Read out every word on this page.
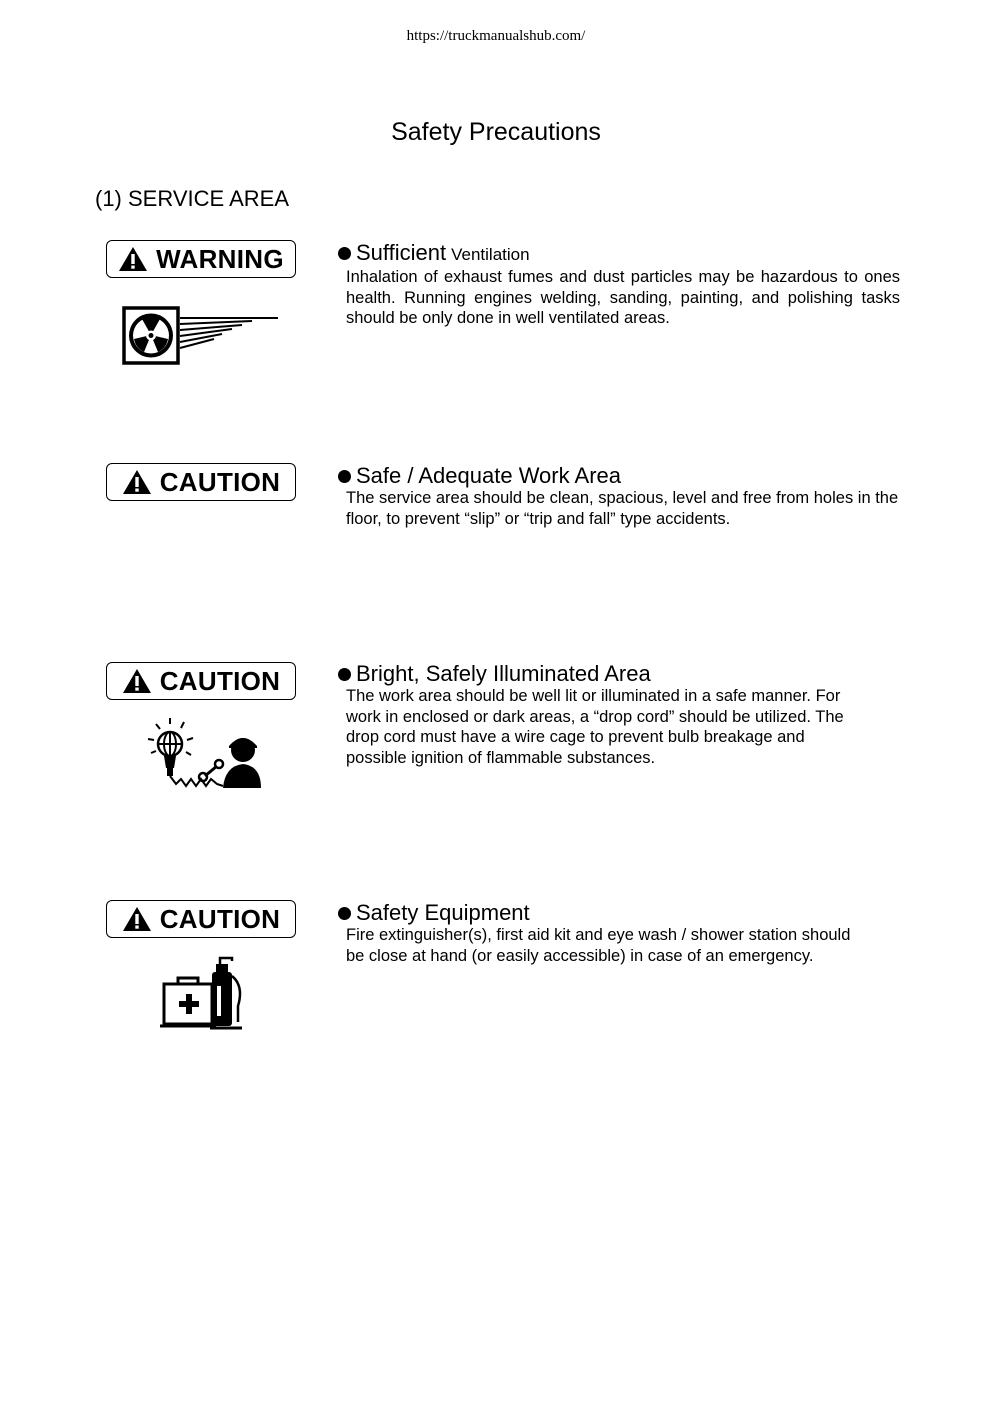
https://truckmanualshub.com/
Safety Precautions
(1) SERVICE AREA
WARNING	Sufficient Ventilation
Inhalation of exhaust fumes and dust particles may be hazardous to ones health. Running engines welding, sanding, painting, and polishing tasks should be only done in well ventilated areas.
CAUTION	Safe / Adequate Work Area
The service area should be clean, spacious, level and free from holes in the floor, to prevent “slip” or “trip and fall” type accidents.
CAUTION	Bright, Safely Illuminated Area
The work area should be well lit or illuminated in a safe manner. For
work in enclosed or dark areas, a “drop cord” should be utilized. The
drop cord must have a wire cage to prevent bulb breakage and
possible ignition of flammable substances.
CAUTION	Safety Equipment
Fire extinguisher(s), first aid kit and eye wash / shower station should
be close at hand (or easily accessible) in case of an emergency.
